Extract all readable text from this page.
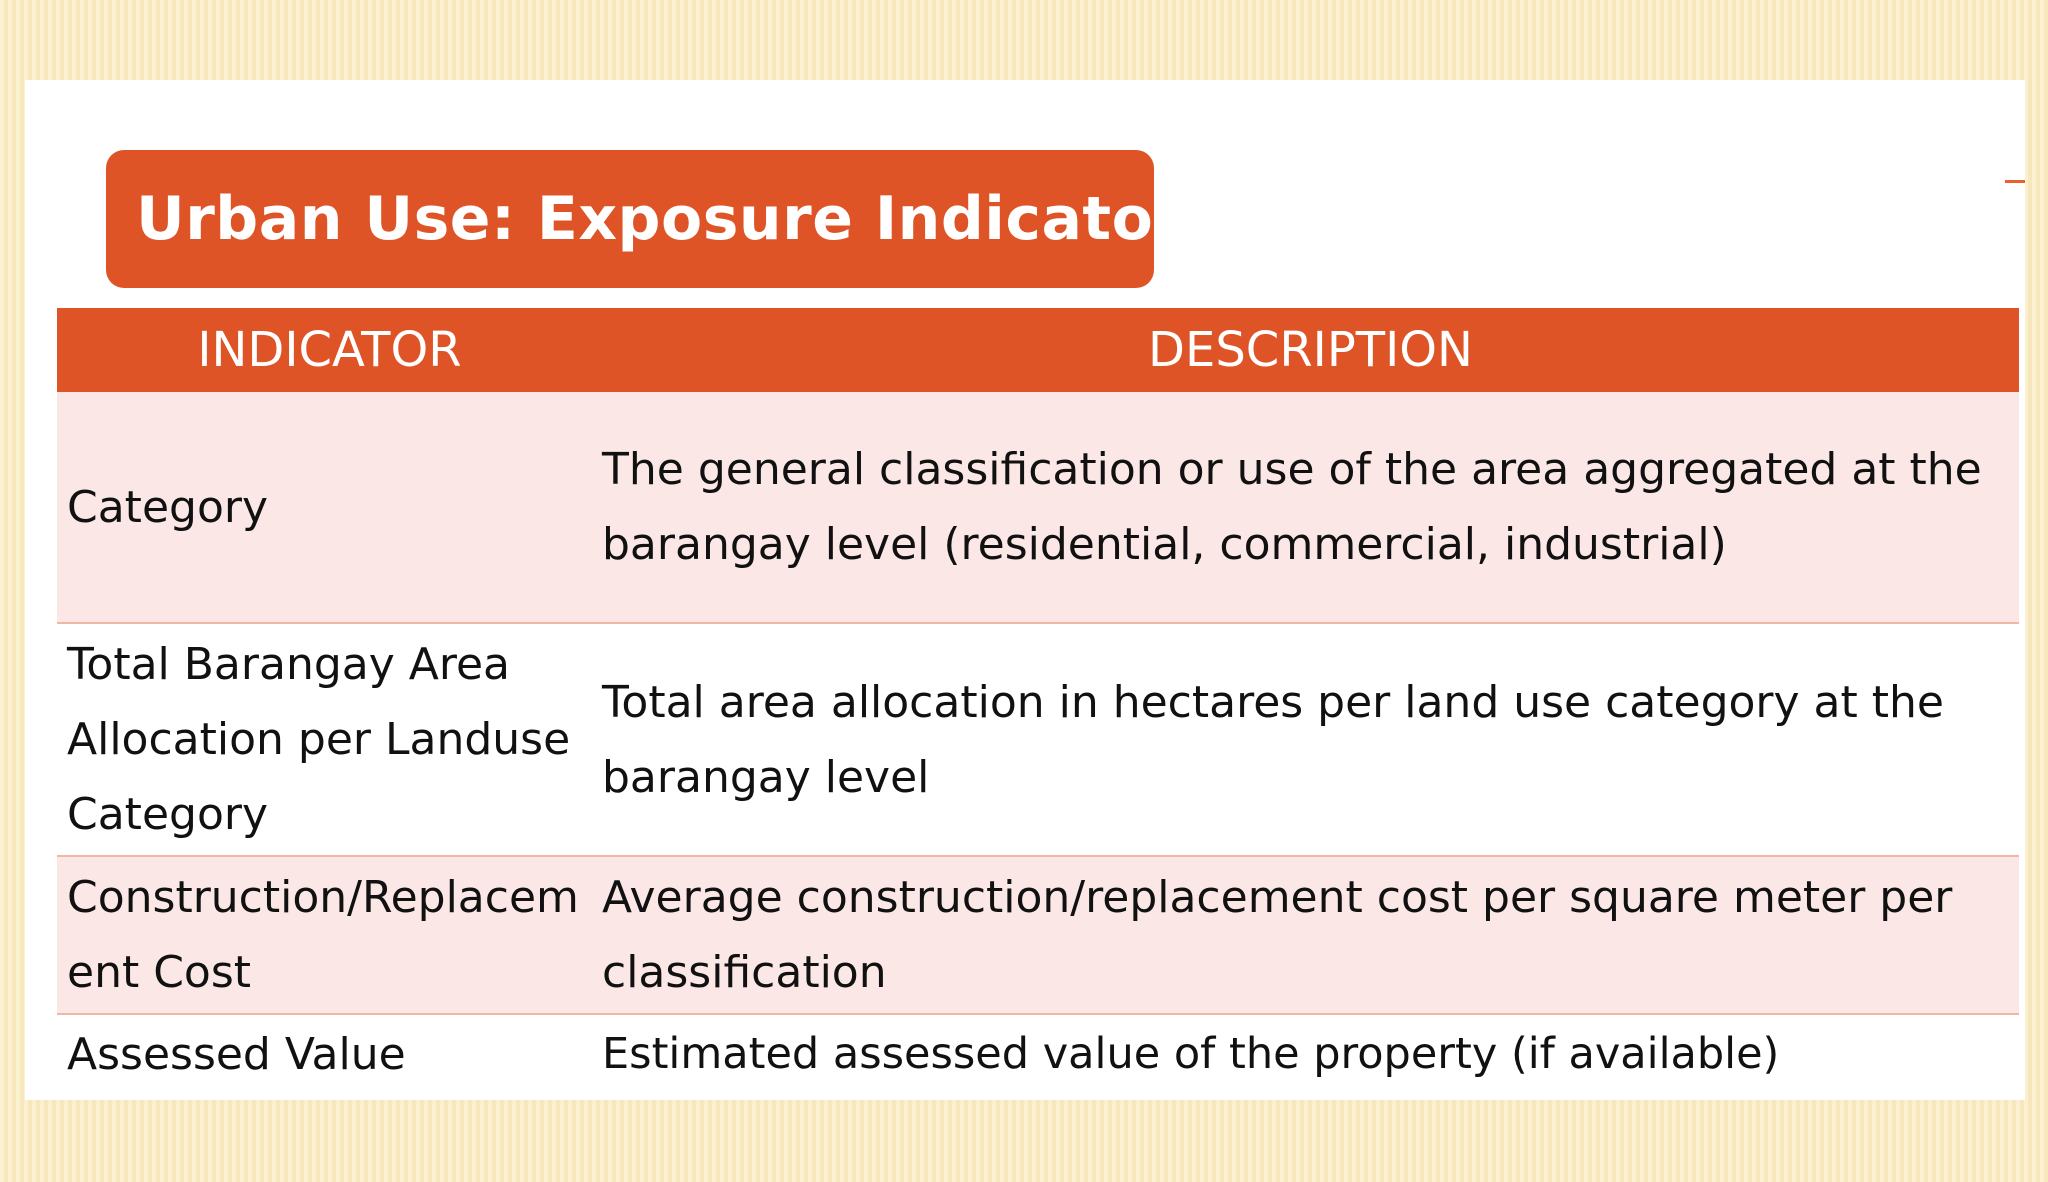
Urban Use: Exposure Indicators
INDICATOR	DESCRIPTION
Category
The general classification or use of the area aggregated at the barangay level (residential, commercial, industrial)
Total Barangay Area Allocation per Landuse Category
Total area allocation in hectares per land use category at the barangay level
Construction/Replacement Cost
Average construction/replacement cost per square meter per classification
Assessed Value	Estimated assessed value of the property (if available)
